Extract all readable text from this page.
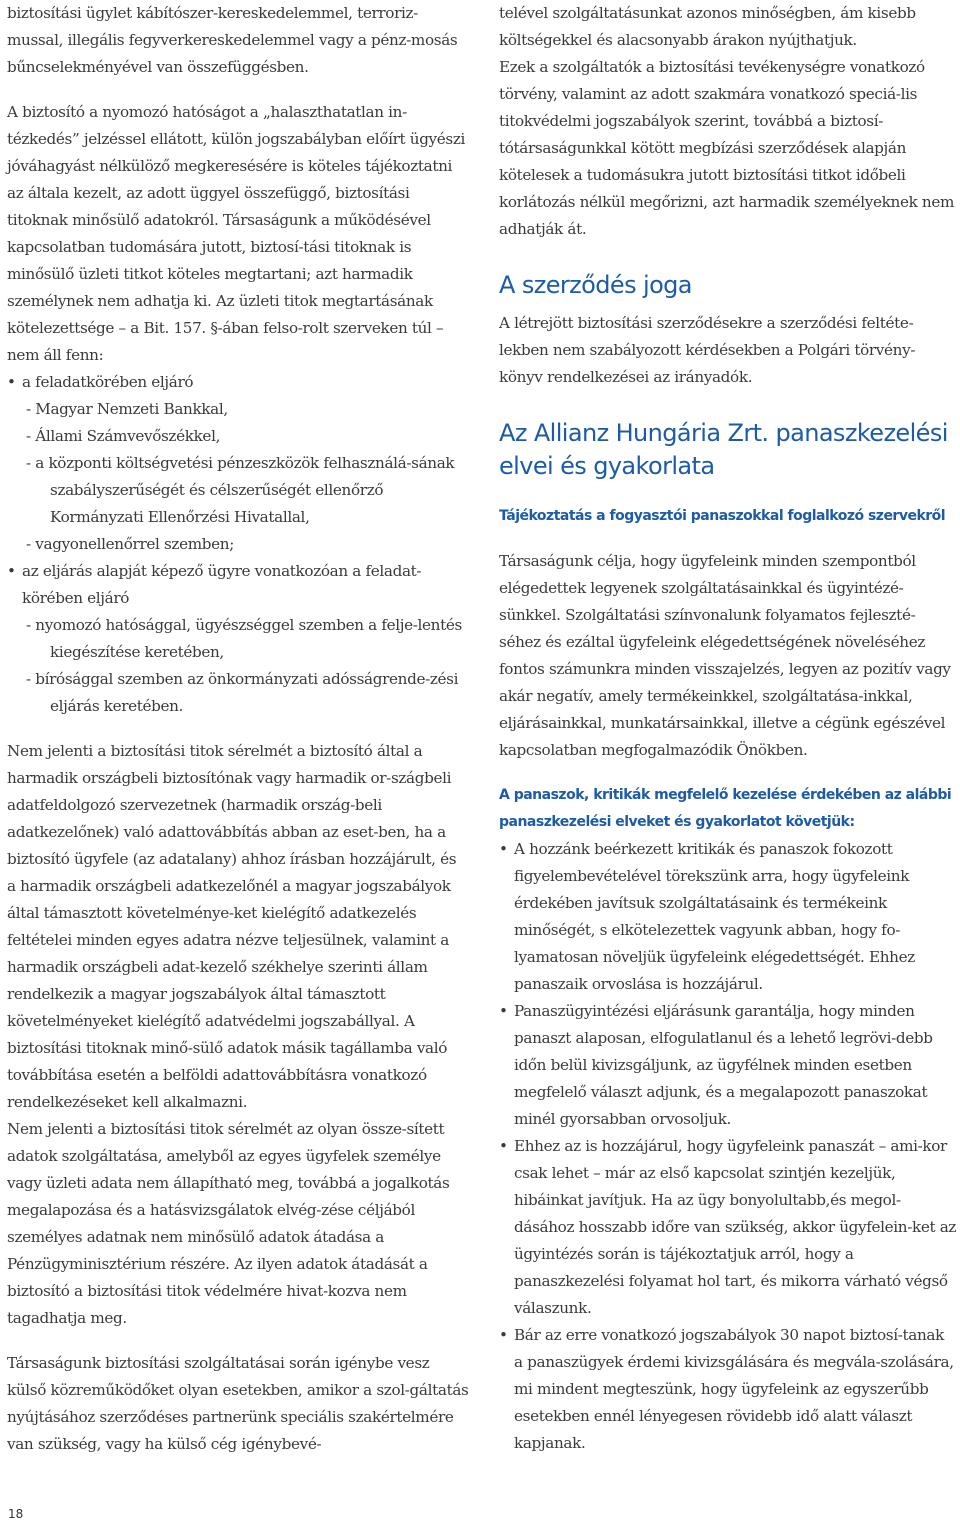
biztosítási ügylet kábítószer-kereskedelemmel, terroriz-mussal, illegális fegyverkereskedelemmel vagy a pénz-mosás bűncselekményével van összefüggésben.

A biztosító a nyomozó hatóságot a „halaszthatatlan in-tézkedés” jelzéssel ellátott, külön jogszabályban előírt ügyészi jóváhagyást nélkülöző megkeresésére is köteles tájékoztatni az általa kezelt, az adott üggyel összefüggő, biztosítási titoknak minősülő adatokról. Társaságunk a működésével kapcsolatban tudomására jutott, biztosí-tási titoknak is minősülő üzleti titkot köteles megtartani; azt harmadik személynek nem adhatja ki. Az üzleti titok megtartásának kötelezettsége – a Bit. 157. §-ában felso-rolt szerveken túl – nem áll fenn:

• a feladatkörében eljáró
- Magyar Nemzeti Bankkal,
- Állami Számvevőszékkel,
- a központi költségvetési pénzeszközök felhasználá-sának szabályszerűségét és célszerűségét ellenőrző Kormányzati Ellenőrzési Hivatallal,
- vagyonellenőrrel szemben;
• az eljárás alapját képező ügyre vonatkozóan a feladat-körében eljáró
- nyomozó hatósággal, ügyészséggel szemben a felje-lentés kiegészítése keretében,
- bírósággal szemben az önkormányzati adósságrende-zési eljárás keretében.

Nem jelenti a biztosítási titok sérelmét a biztosító által a harmadik országbeli biztosítónak vagy harmadik or-szágbeli adatfeldolgozó szervezetnek (harmadik ország-beli adatkezelőnek) való adattovábbítás abban az eset-ben, ha a biztosító ügyfele (az adatalany) ahhoz írásban hozzájárult, és a harmadik országbeli adatkezelőnél a magyar jogszabályok által támasztott követelménye-ket kielégítő adatkezelés feltételei minden egyes adatra nézve teljesülnek, valamint a harmadik országbeli adat-kezelő székhelye szerinti állam rendelkezik a magyar jogszabályok által támasztott követelményeket kielégítő adatvédelmi jogszabállyal. A biztosítási titoknak minő-sülő adatok másik tagállamba való továbbítása esetén a belföldi adattovábbításra vonatkozó rendelkezéseket kell alkalmazni.

Nem jelenti a biztosítási titok sérelmét az olyan össze-sített adatok szolgáltatása, amelyből az egyes ügyfelek személye vagy üzleti adata nem állapítható meg, továbbá a jogalkotás megalapozása és a hatásvizsgálatok elvég-zése céljából személyes adatnak nem minősülő adatok átadása a Pénzügyminisztérium részére. Az ilyen adatok átadását a biztosító a biztosítási titok védelmére hivat-kozva nem tagadhatja meg.

Társaságunk biztosítási szolgáltatásai során igénybe vesz külső közreműködőket olyan esetekben, amikor a szol-gáltatás nyújtásához szerződéses partnerünk speciális szakértelmére van szükség, vagy ha külső cég igénybevé-

telével szolgáltatásunkat azonos minőségben, ám kisebb költségekkel és alacsonyabb árakon nyújthatjuk.

Ezek a szolgáltatók a biztosítási tevékenységre vonatkozó törvény, valamint az adott szakmára vonatkozó speciá-lis titokvédelmi jogszabályok szerint, továbbá a biztosí-tótársaságunkkal kötött megbízási szerződések alapján kötelesek a tudomásukra jutott biztosítási titkot időbeli korlátozás nélkül megőrizni, azt harmadik személyeknek nem adhatják át.

A szerződés joga

A létrejött biztosítási szerződésekre a szerződési feltéte-lekben nem szabályozott kérdésekben a Polgári törvény-könyv rendelkezései az irányadók.

Az Allianz Hungária Zrt. panaszkezelési elvei és gyakorlata
Tájékoztatás a fogyasztói panaszokkal foglalkozó szervekről

Társaságunk célja, hogy ügyfeleink minden szempontból elégedettek legyenek szolgáltatásainkkal és ügyintézé-sünkkel. Szolgáltatási színvonalunk folyamatos fejleszté-séhez és ezáltal ügyfeleink elégedettségének növeléséhez fontos számunkra minden visszajelzés, legyen az pozitív vagy akár negatív, amely termékeinkkel, szolgáltatása-inkkal, eljárásainkkal, munkatársainkkal, illetve a cégünk egészével kapcsolatban megfogalmazódik Önökben.

A panaszok, kritikák megfelelő kezelése érdekében az alábbi panaszkezelési elveket és gyakorlatot követjük:
• A hozzánk beérkezett kritikák és panaszok fokozott figyelembevételével törekszünk arra, hogy ügyfeleink érdekében javítsuk szolgáltatásaink és termékeink minőségét, s elkötelezettek vagyunk abban, hogy fo-lyamatosan növeljük ügyfeleink elégedettségét. Ehhez panaszaik orvoslása is hozzájárul.
• Panaszügyintézési eljárásunk garantálja, hogy minden panaszt alaposan, elfogulatlanul és a lehető legrövi-debb időn belül kivizsgáljunk, az ügyfélnek minden esetben megfelelő választ adjunk, és a megalapozott panaszokat minél gyorsabban orvosoljuk.
• Ehhez az is hozzájárul, hogy ügyfeleink panaszát – ami-kor csak lehet – már az első kapcsolat szintjén kezeljük, hibáinkat javítjuk. Ha az ügy bonyolultabb,és megol-dásához hosszabb időre van szükség, akkor ügyfelein-ket az ügyintézés során is tájékoztatjuk arról, hogy a panaszkezelési folyamat hol tart, és mikorra várható végső válaszunk.
• Bár az erre vonatkozó jogszabályok 30 napot biztosí-tanak a panaszügyek érdemi kivizsgálására és megvála-szolására, mi mindent megteszünk, hogy ügyfeleink az egyszerűbb esetekben ennél lényegesen rövidebb idő alatt választ kapjanak.
18
